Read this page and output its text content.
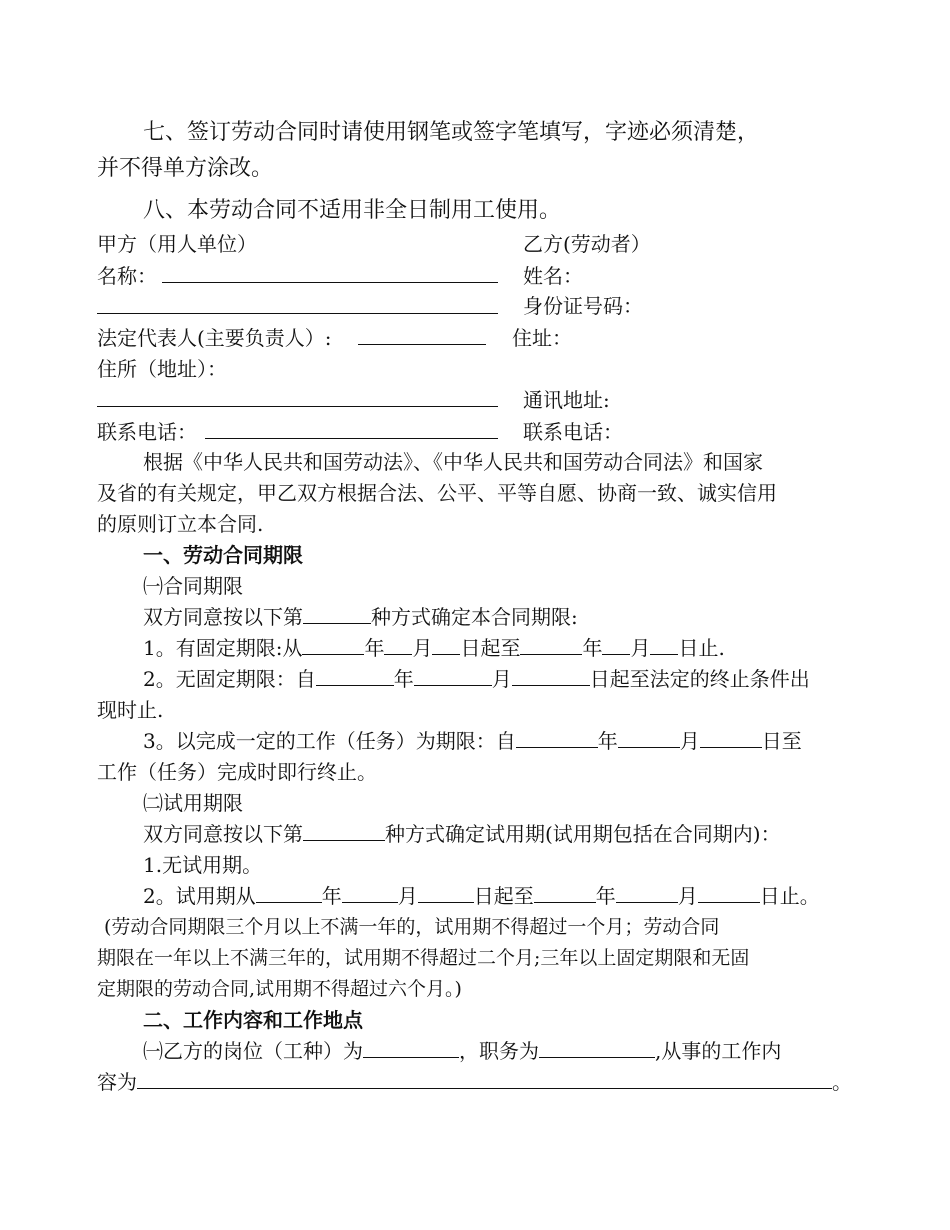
七、签订劳动合同时请使用钢笔或签字笔填写，字迹必须清楚，
并不得单方涂改。
八、本劳动合同不适用非全日制用工使用。
甲方（用人单位）	乙方(劳动者）
名称：	姓名：
身份证号码：
法定代表人(主要负责人）:	住址：
住所（地址）：
通讯地址:
联系电话：	联系电话：
根据《中华人民共和国劳动法》、《中华人民共和国劳动合同法》和国家
及省的有关规定，甲乙双方根据合法、公平、平等自愿、协商一致、诚实信用
的原则订立本合同.
一、劳动合同期限
㈠合同期限
双方同意按以下第	种方式确定本合同期限:
1。有固定期限:从	年 月 日起至	年 月 日止.
2。无固定期限：自	年	月	日起至法定的终止条件出
现时止.
3。以完成一定的工作（任务）为期限：自	年	月	日至
工作（任务）完成时即行终止。
㈡试用期限
双方同意按以下第	种方式确定试用期(试用期包括在合同期内)：
1.无试用期。
2。试用期从	年	月	日起至	年	月	日止。
(劳动合同期限三个月以上不满一年的，试用期不得超过一个月；劳动合同
期限在一年以上不满三年的，试用期不得超过二个月;三年以上固定期限和无固
定期限的劳动合同,试用期不得超过六个月。)
二、工作内容和工作地点
㈠乙方的岗位（工种）为	，职务为	,从事的工作内
容为	。
